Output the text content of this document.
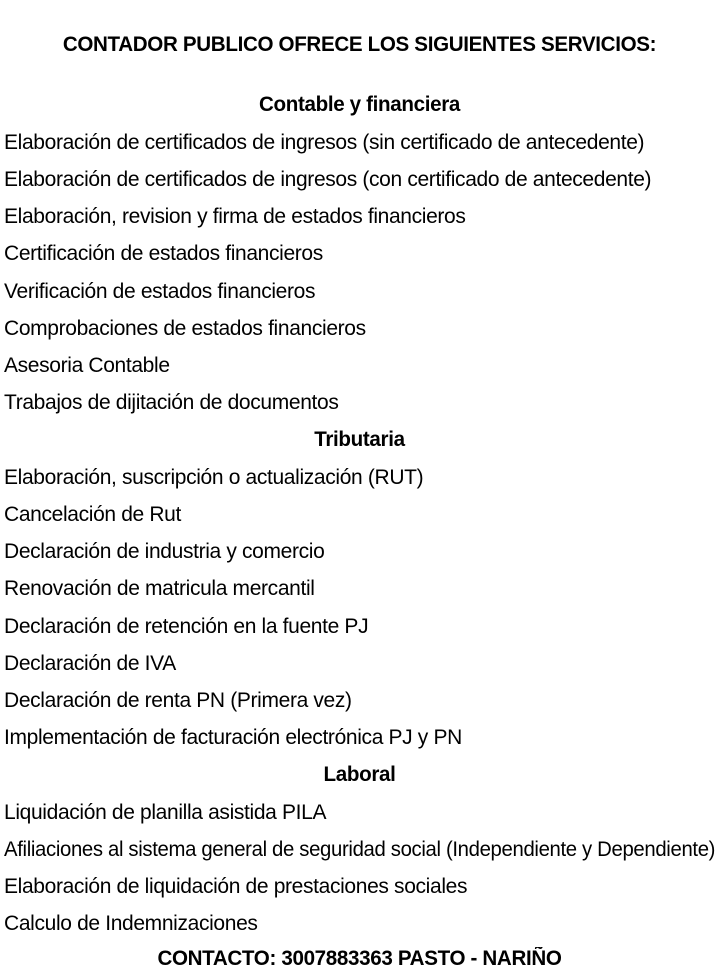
CONTADOR PUBLICO OFRECE LOS SIGUIENTES SERVICIOS:
Contable y financiera
Elaboración de certificados de ingresos (sin certificado de antecedente)
Elaboración de certificados de ingresos (con certificado de antecedente)
Elaboración, revision y firma de estados financieros
Certificación de estados financieros
Verificación de estados financieros
Comprobaciones de estados financieros
Asesoria Contable
Trabajos de dijitación de documentos
Tributaria
Elaboración, suscripción o actualización (RUT)
Cancelación de Rut
Declaración de industria y comercio
Renovación de matricula mercantil
Declaración de retención en la fuente PJ
Declaración de IVA
Declaración de renta PN (Primera vez)
Implementación de facturación electrónica PJ y PN
Laboral
Liquidación de planilla asistida PILA
Afiliaciones al sistema general de seguridad social (Independiente y Dependiente)
Elaboración de liquidación de prestaciones sociales
Calculo de Indemnizaciones
CONTACTO: 3007883363 PASTO - NARIÑO
